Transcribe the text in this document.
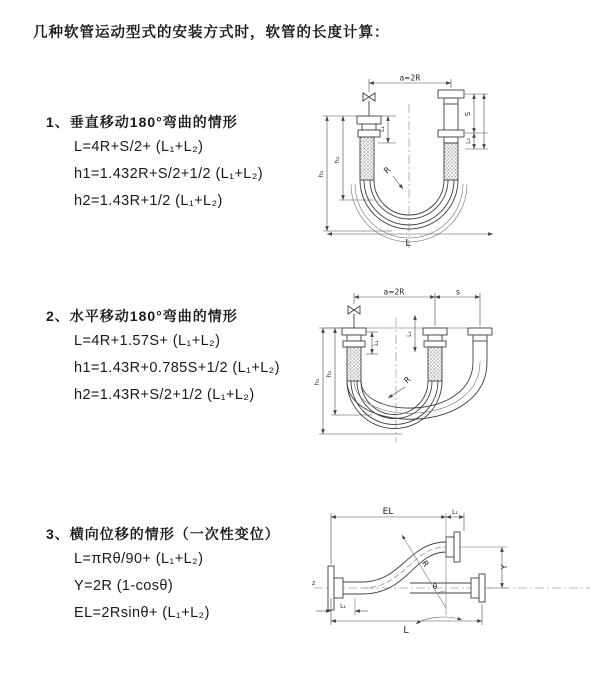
几种软管运动型式的安装方式时，软管的长度计算：
1、垂直移动180°弯曲的情形
L=4R+S/2+ (L₁+L₂)
h1=1.432R+S/2+1/2 (L₁+L₂)
h2=1.43R+1/2 (L₁+L₂)
2、水平移动180°弯曲的情形
L=4R+1.57S+ (L₁+L₂)
h1=1.43R+0.785S+1/2 (L₁+L₂)
h2=1.43R+S/2+1/2 (L₁+L₂)
3、横向位移的情形（一次性变位）
L=πRθ/90+ (L₁+L₂)
Y=2R (1-cosθ)
EL=2Rsinθ+ (L₁+L₂)
a=2R
L₁
S
L₂
h₂
h₁
L
R
a=2R	s
L₁
L₂
h₂
h₁	R
z
R
θ
EL	L₁
Y
L
L₁
